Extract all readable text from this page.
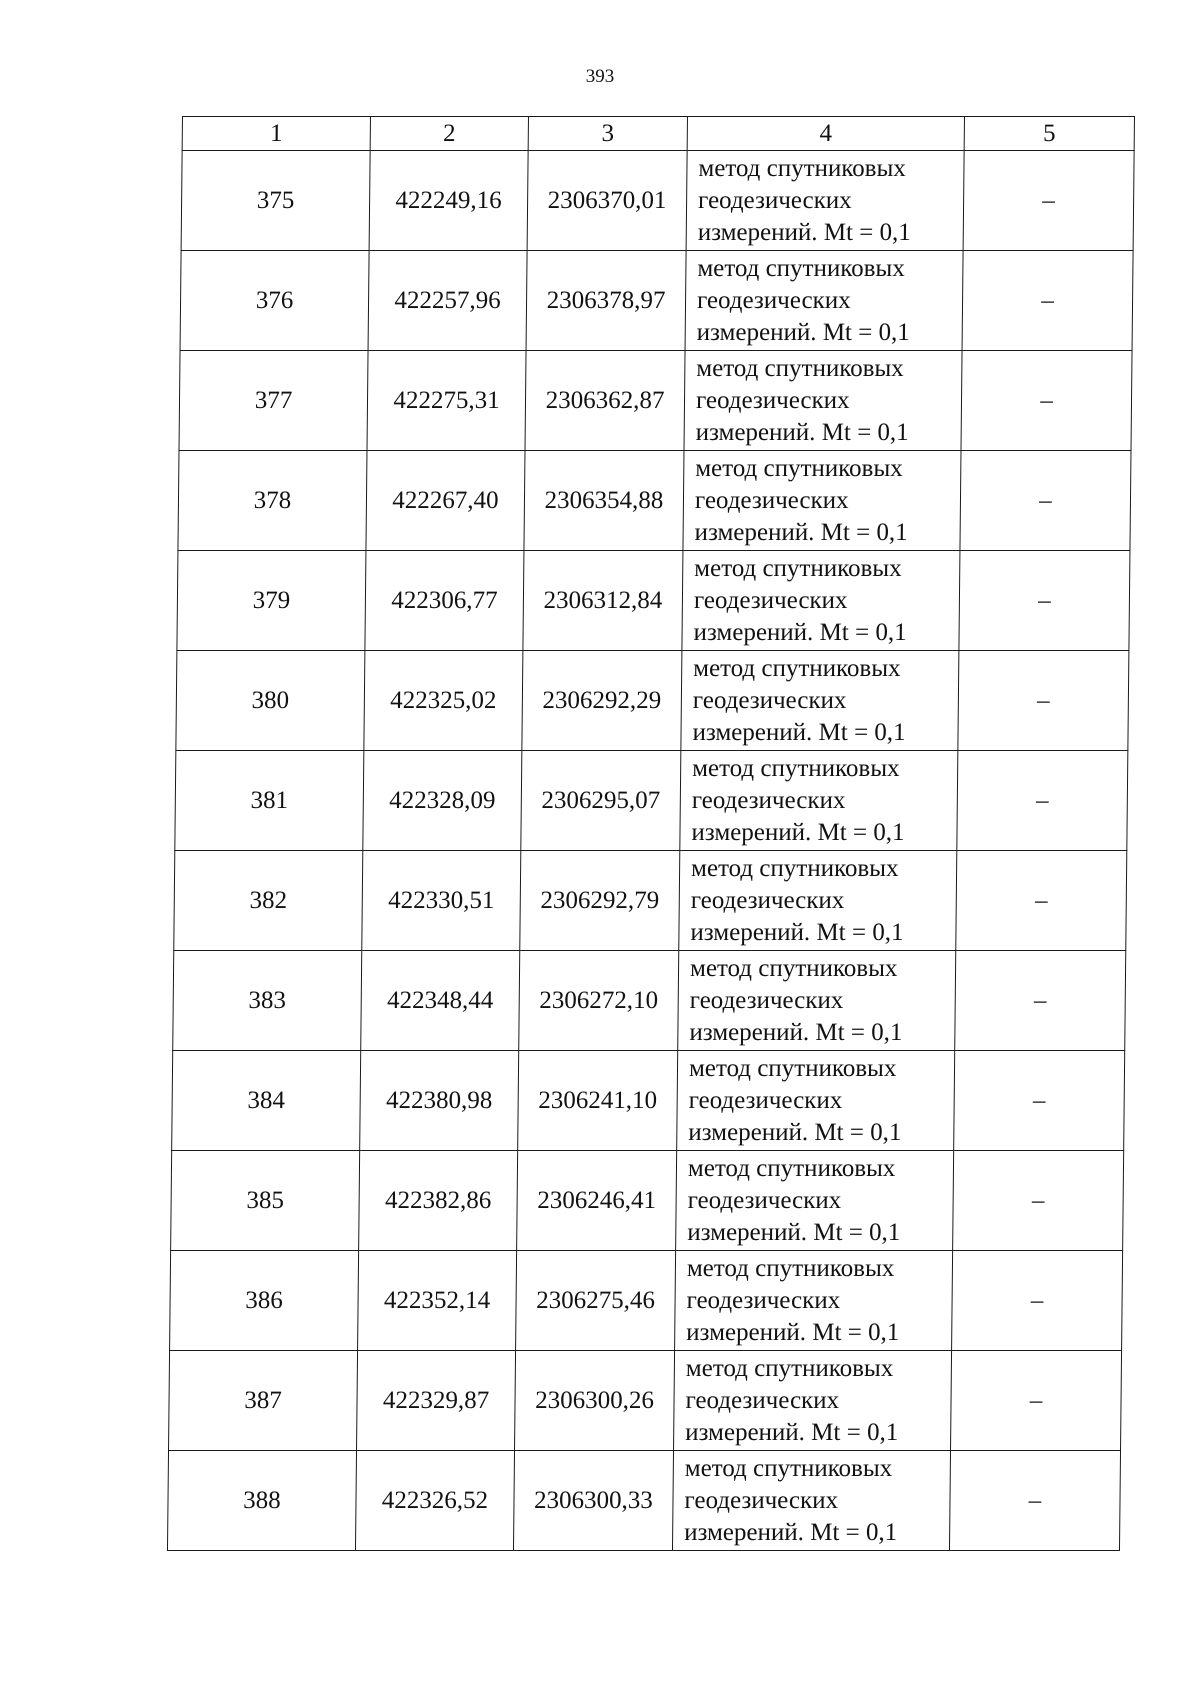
393
1	2	3	4	5
375	422249,16	2306370,01	метод спутниковых
геодезических
измерений. Mt = 0,1	–
376	422257,96	2306378,97	метод спутниковых
геодезических
измерений. Mt = 0,1	–
377	422275,31	2306362,87	метод спутниковых
геодезических
измерений. Mt = 0,1	–
378	422267,40	2306354,88	метод спутниковых
геодезических
измерений. Mt = 0,1	–
379	422306,77	2306312,84	метод спутниковых
геодезических
измерений. Mt = 0,1	–
380	422325,02	2306292,29	метод спутниковых
геодезических
измерений. Mt = 0,1	–
381	422328,09	2306295,07	метод спутниковых
геодезических
измерений. Mt = 0,1	–
382	422330,51	2306292,79	метод спутниковых
геодезических
измерений. Mt = 0,1	–
383	422348,44	2306272,10	метод спутниковых
геодезических
измерений. Mt = 0,1	–
384	422380,98	2306241,10	метод спутниковых
геодезических
измерений. Mt = 0,1	–
385	422382,86	2306246,41	метод спутниковых
геодезических
измерений. Mt = 0,1	–
386	422352,14	2306275,46	метод спутниковых
геодезических
измерений. Mt = 0,1	–
387	422329,87	2306300,26	метод спутниковых
геодезических
измерений. Mt = 0,1	–
388	422326,52	2306300,33	метод спутниковых
геодезических
измерений. Mt = 0,1	–
